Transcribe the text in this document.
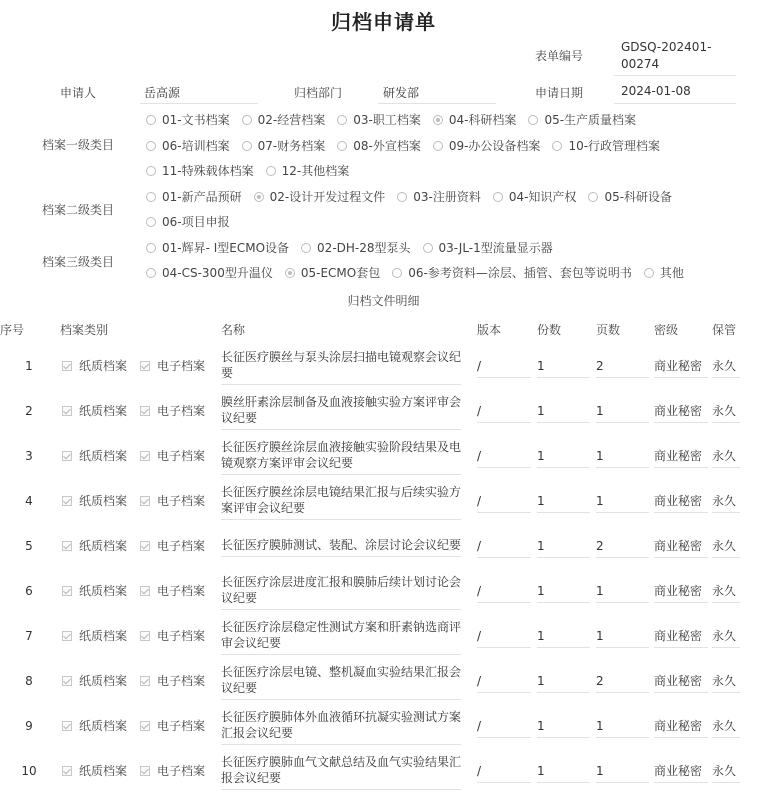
归档申请单
表单编号
GDSQ-202401-
00274
申请人	岳高源	归档部门	研发部	申请日期	2024-01-08
档案一级类目
01-文书档案 02-经营档案 03-职工档案 04-科研档案 05-生产质量档案
06-培训档案 07-财务档案 08-外宣档案 09-办公设备档案 10-行政管理档案
11-特殊载体档案 12-其他档案
档案二级类目
01-新产品预研 02-设计开发过程文件 03-注册资料 04-知识产权 05-科研设备
06-项目申报
档案三级类目
01-辉昇- I型ECMO设备 02-DH-28型泵头 03-JL-1型流量显示器
04-CS-300型升温仪 05-ECMO套包 06-参考资料—涂层、插管、套包等说明书 其他
归档文件明细
序号	档案类别		名称	版本	份数	页数	密级	保管
1	纸质档案	电子档案	长征医疗膜丝与泵头涂层扫描电镜观察会议纪要	/	1	2	商业秘密	永久

2	纸质档案	电子档案	膜丝肝素涂层制备及血液接触实验方案评审会议纪要	/	1	1	商业秘密	永久

3	纸质档案	电子档案	长征医疗膜丝涂层血液接触实验阶段结果及电镜观察方案评审会议纪要	/	1	1	商业秘密	永久

4	纸质档案	电子档案	长征医疗膜丝涂层电镜结果汇报与后续实验方案评审会议纪要	/	1	1	商业秘密	永久

5	纸质档案	电子档案	长征医疗膜肺测试、装配、涂层讨论会议纪要	/	1	2	商业秘密	永久

6	纸质档案	电子档案	长征医疗涂层进度汇报和膜肺后续计划讨论会议纪要	/	1	1	商业秘密	永久

7	纸质档案	电子档案	长征医疗涂层稳定性测试方案和肝素钠选商评审会议纪要	/	1	1	商业秘密	永久

8	纸质档案	电子档案	长征医疗涂层电镜、整机凝血实验结果汇报会议纪要	/	1	2	商业秘密	永久

9	纸质档案	电子档案	长征医疗膜肺体外血液循环抗凝实验测试方案汇报会议纪要	/	1	1	商业秘密	永久

10	纸质档案	电子档案	长征医疗膜肺血气文献总结及血气实验结果汇报会议纪要	/	1	1	商业秘密	永久
